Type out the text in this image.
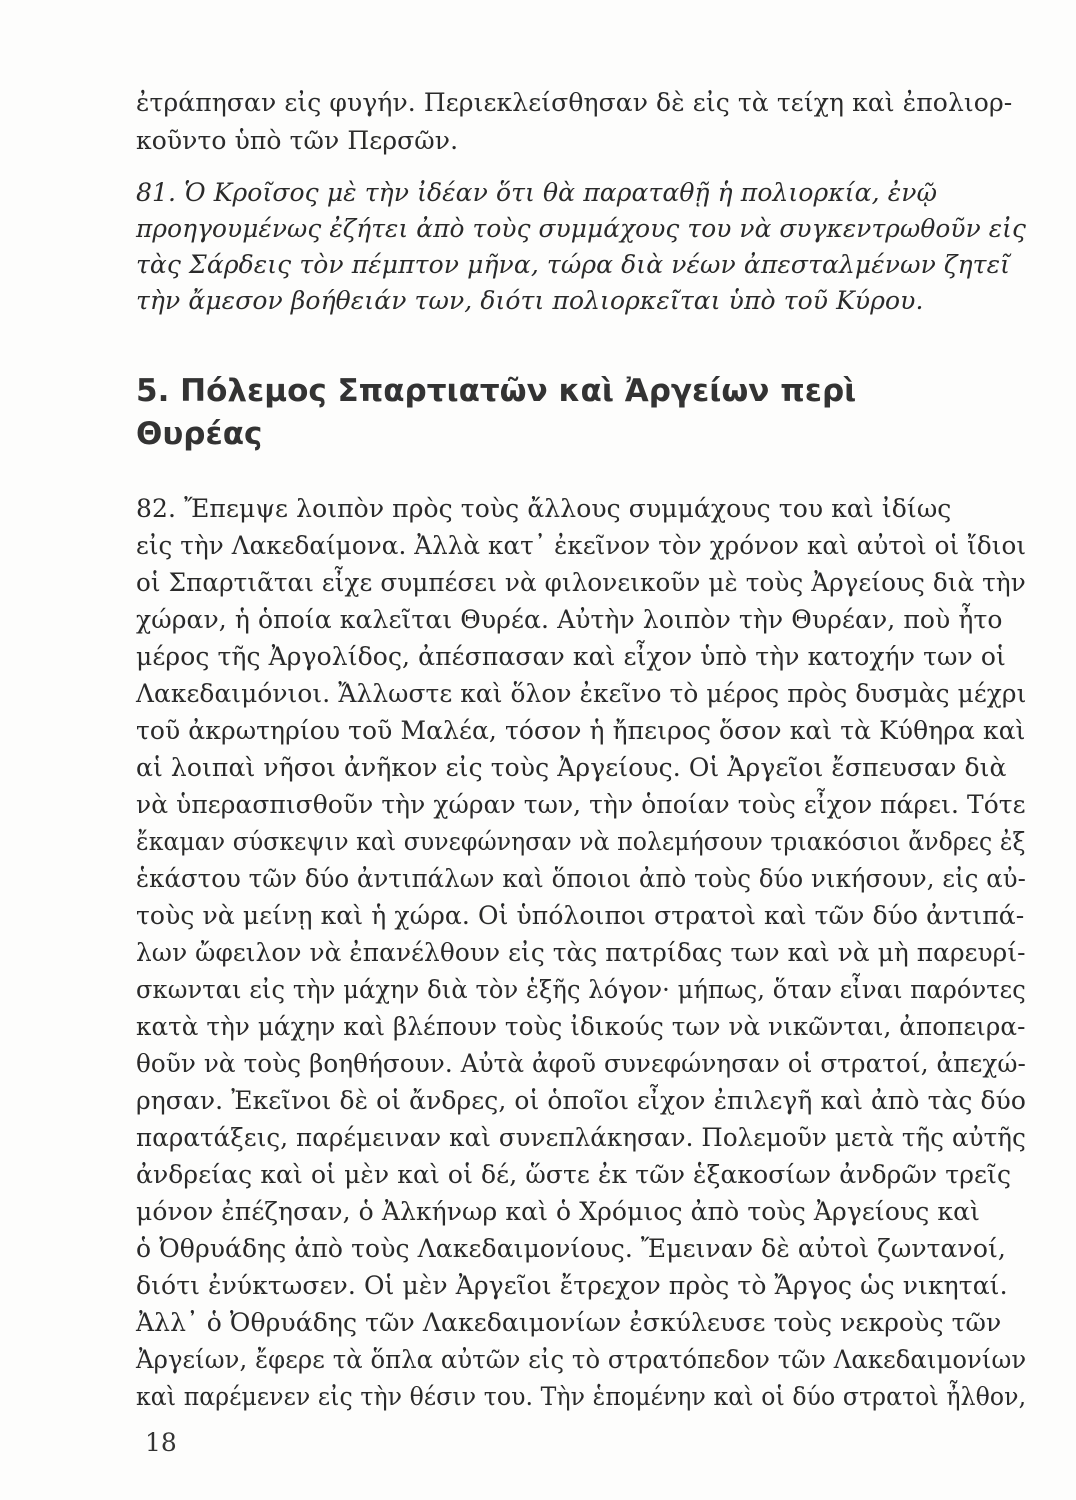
ἐτράπησαν εἰς φυγήν. Περιεκλείσθησαν δὲ εἰς τὰ τείχη καὶ ἐπολιορ-
κοῦντο ὑπὸ τῶν Περσῶν.
81. Ὁ Κροῖσος μὲ τὴν ἰδέαν ὅτι θὰ παραταθῇ ἡ πολιορκία, ἐνῷ
προηγουμένως ἐζήτει ἀπὸ τοὺς συμμάχους του νὰ συγκεντρωθοῦν εἰς
τὰς Σάρδεις τὸν πέμπτον μῆνα, τώρα διὰ νέων ἀπεσταλμένων ζητεῖ
τὴν ἄμεσον βοήθειάν των, διότι πολιορκεῖται ὑπὸ τοῦ Κύρου.
5. Πόλεμος Σπαρτιατῶν καὶ Ἀργείων περὶ
Θυρέας
82. Ἔπεμψε λοιπὸν πρὸς τοὺς ἄλλους συμμάχους του καὶ ἰδίως
εἰς τὴν Λακεδαίμονα. Ἀλλὰ κατ᾽ ἐκεῖνον τὸν χρόνον καὶ αὐτοὶ οἱ ἴδιοι
οἱ Σπαρτιᾶται εἶχε συμπέσει νὰ φιλονεικοῦν μὲ τοὺς Ἀργείους διὰ τὴν
χώραν, ἡ ὁποία καλεῖται Θυρέα. Αὐτὴν λοιπὸν τὴν Θυρέαν, ποὺ ἦτο
μέρος τῆς Ἀργολίδος, ἀπέσπασαν καὶ εἶχον ὑπὸ τὴν κατοχήν των οἱ
Λακεδαιμόνιοι. Ἄλλωστε καὶ ὅλον ἐκεῖνο τὸ μέρος πρὸς δυσμὰς μέχρι
τοῦ ἀκρωτηρίου τοῦ Μαλέα, τόσον ἡ ἤπειρος ὅσον καὶ τὰ Κύθηρα καὶ
αἱ λοιπαὶ νῆσοι ἀνῆκον εἰς τοὺς Ἀργείους. Οἱ Ἀργεῖοι ἔσπευσαν διὰ
νὰ ὑπερασπισθοῦν τὴν χώραν των, τὴν ὁποίαν τοὺς εἶχον πάρει. Τότε
ἔκαμαν σύσκεψιν καὶ συνεφώνησαν νὰ πολεμήσουν τριακόσιοι ἄνδρες ἐξ
ἑκάστου τῶν δύο ἀντιπάλων καὶ ὅποιοι ἀπὸ τοὺς δύο νικήσουν, εἰς αὐ-
τοὺς νὰ μείνῃ καὶ ἡ χώρα. Οἱ ὑπόλοιποι στρατοὶ καὶ τῶν δύο ἀντιπά-
λων ὤφειλον νὰ ἐπανέλθουν εἰς τὰς πατρίδας των καὶ νὰ μὴ παρευρί-
σκωνται εἰς τὴν μάχην διὰ τὸν ἑξῆς λόγον· μήπως, ὅταν εἶναι παρόντες
κατὰ τὴν μάχην καὶ βλέπουν τοὺς ἰδικούς των νὰ νικῶνται, ἀποπειρα-
θοῦν νὰ τοὺς βοηθήσουν. Αὐτὰ ἀφοῦ συνεφώνησαν οἱ στρατοί, ἀπεχώ-
ρησαν. Ἐκεῖνοι δὲ οἱ ἄνδρες, οἱ ὁποῖοι εἶχον ἐπιλεγῆ καὶ ἀπὸ τὰς δύο
παρατάξεις, παρέμειναν καὶ συνεπλάκησαν. Πολεμοῦν μετὰ τῆς αὐτῆς
ἀνδρείας καὶ οἱ μὲν καὶ οἱ δέ, ὥστε ἐκ τῶν ἑξακοσίων ἀνδρῶν τρεῖς
μόνον ἐπέζησαν, ὁ Ἀλκήνωρ καὶ ὁ Χρόμιος ἀπὸ τοὺς Ἀργείους καὶ
ὁ Ὀθρυάδης ἀπὸ τοὺς Λακεδαιμονίους. Ἔμειναν δὲ αὐτοὶ ζωντανοί,
διότι ἐνύκτωσεν. Οἱ μὲν Ἀργεῖοι ἔτρεχον πρὸς τὸ Ἄργος ὡς νικηταί.
Ἀλλ᾽ ὁ Ὀθρυάδης τῶν Λακεδαιμονίων ἐσκύλευσε τοὺς νεκροὺς τῶν
Ἀργείων, ἔφερε τὰ ὅπλα αὐτῶν εἰς τὸ στρατόπεδον τῶν Λακεδαιμονίων
καὶ παρέμενεν εἰς τὴν θέσιν του. Τὴν ἑπομένην καὶ οἱ δύο στρατοὶ ἦλθον,
18
